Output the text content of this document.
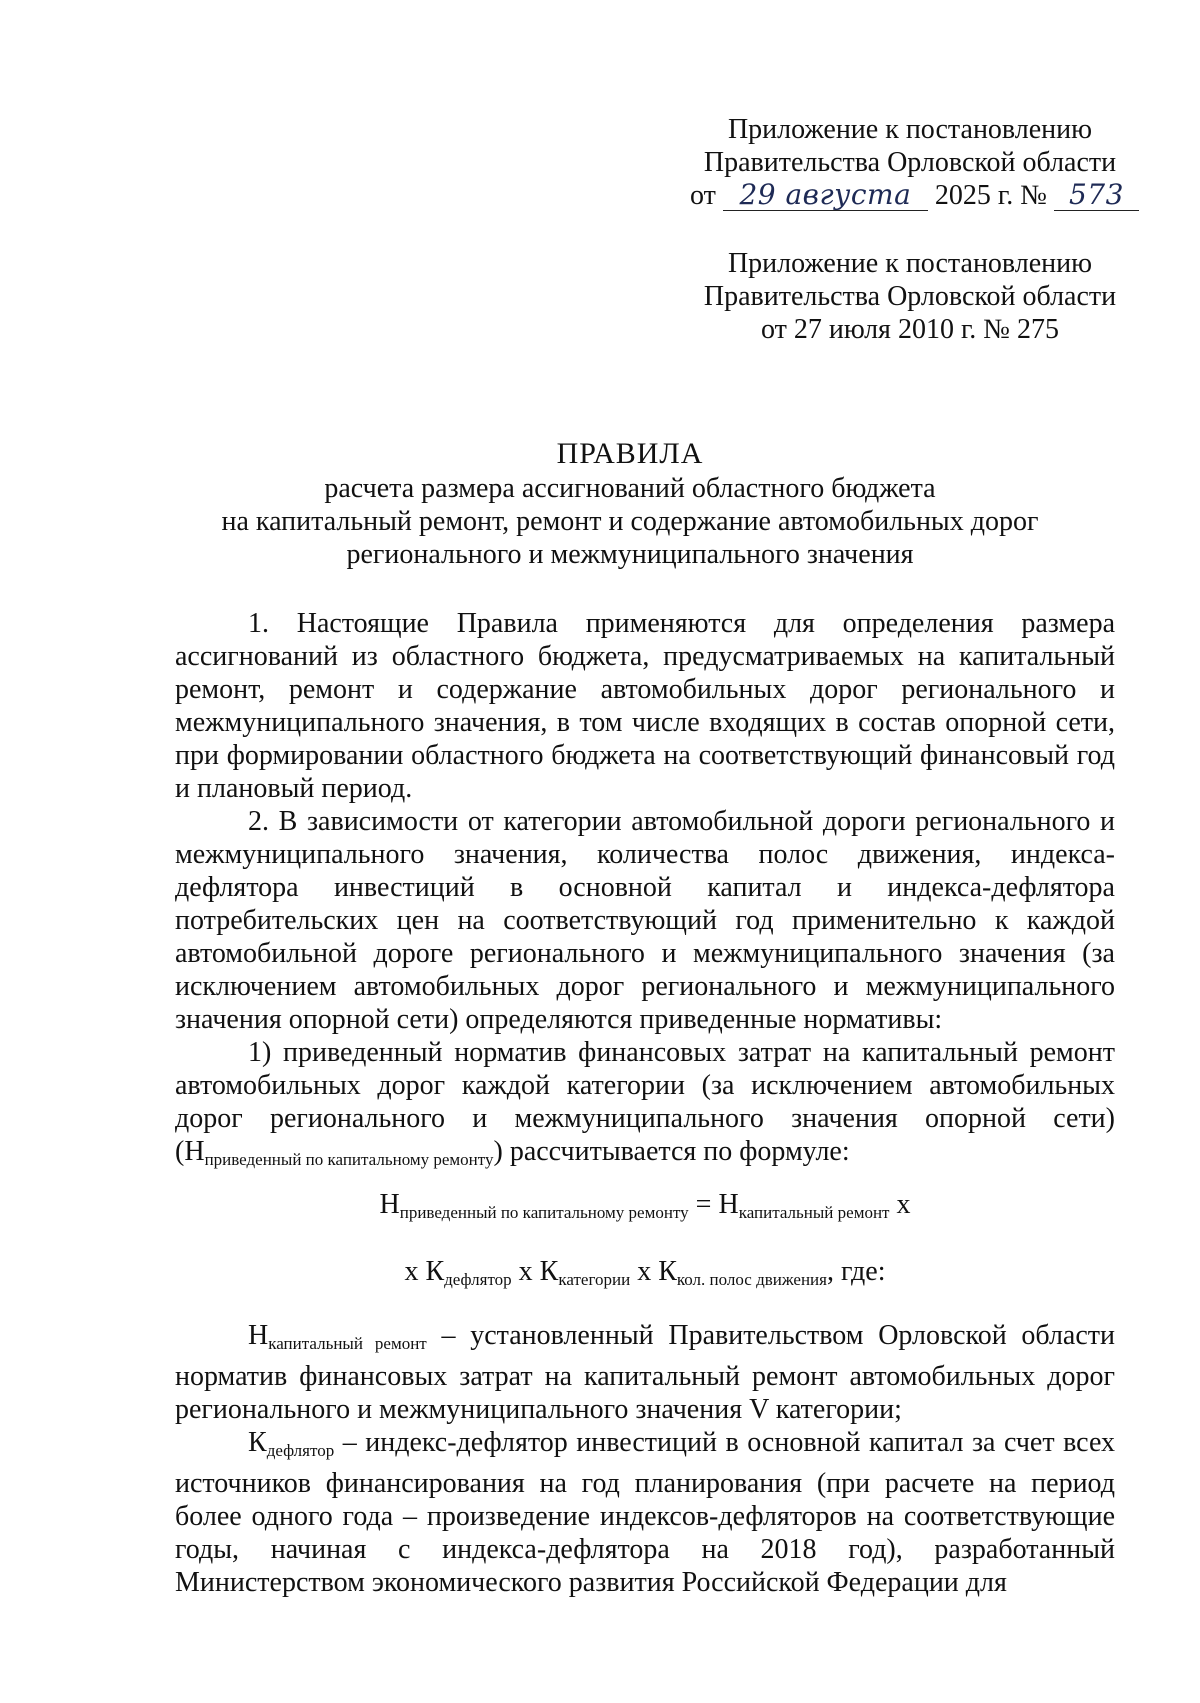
Приложение к постановлению
Правительства Орловской области
от 29 августа 2025 г. № 573
Приложение к постановлению
Правительства Орловской области
от 27 июля 2010 г. № 275
ПРАВИЛА
расчета размера ассигнований областного бюджета
на капитальный ремонт, ремонт и содержание автомобильных дорог
регионального и межмуниципального значения

1. Настоящие Правила применяются для определения размера ассигнований из областного бюджета, предусматриваемых на капитальный ремонт, ремонт и содержание автомобильных дорог регионального и межмуниципального значения, в том числе входящих в состав опорной сети, при формировании областного бюджета на соответствующий финансовый год и плановый период.

2. В зависимости от категории автомобильной дороги регионального и межмуниципального значения, количества полос движения, индекса-дефлятора инвестиций в основной капитал и индекса-дефлятора потребительских цен на соответствующий год применительно к каждой автомобильной дороге регионального и межмуниципального значения (за исключением автомобильных дорог регионального и межмуниципального значения опорной сети) определяются приведенные нормативы:

1) приведенный норматив финансовых затрат на капитальный ремонт автомобильных дорог каждой категории (за исключением автомобильных дорог регионального и межмуниципального значения опорной сети) $(Н_{приведенный по капитальному ремонту})$ рассчитывается по формуле:

$Н_{приведенный по капитальному ремонту} = Н_{капитальный ремонт}$ х
х $К_{дефлятор}$ х $К_{категории}$ х $К_{кол. полос движения}$, где:

$Н_{капитальный ремонт}$ – установленный Правительством Орловской области норматив финансовых затрат на капитальный ремонт автомобильных дорог регионального и межмуниципального значения V категории;

$К_{дефлятор}$ – индекс-дефлятор инвестиций в основной капитал за счет всех источников финансирования на год планирования (при расчете на период более одного года – произведение индексов-дефляторов на соответствующие годы, начиная с индекса-дефлятора на 2018 год), разработанный Министерством экономического развития Российской Федерации для
